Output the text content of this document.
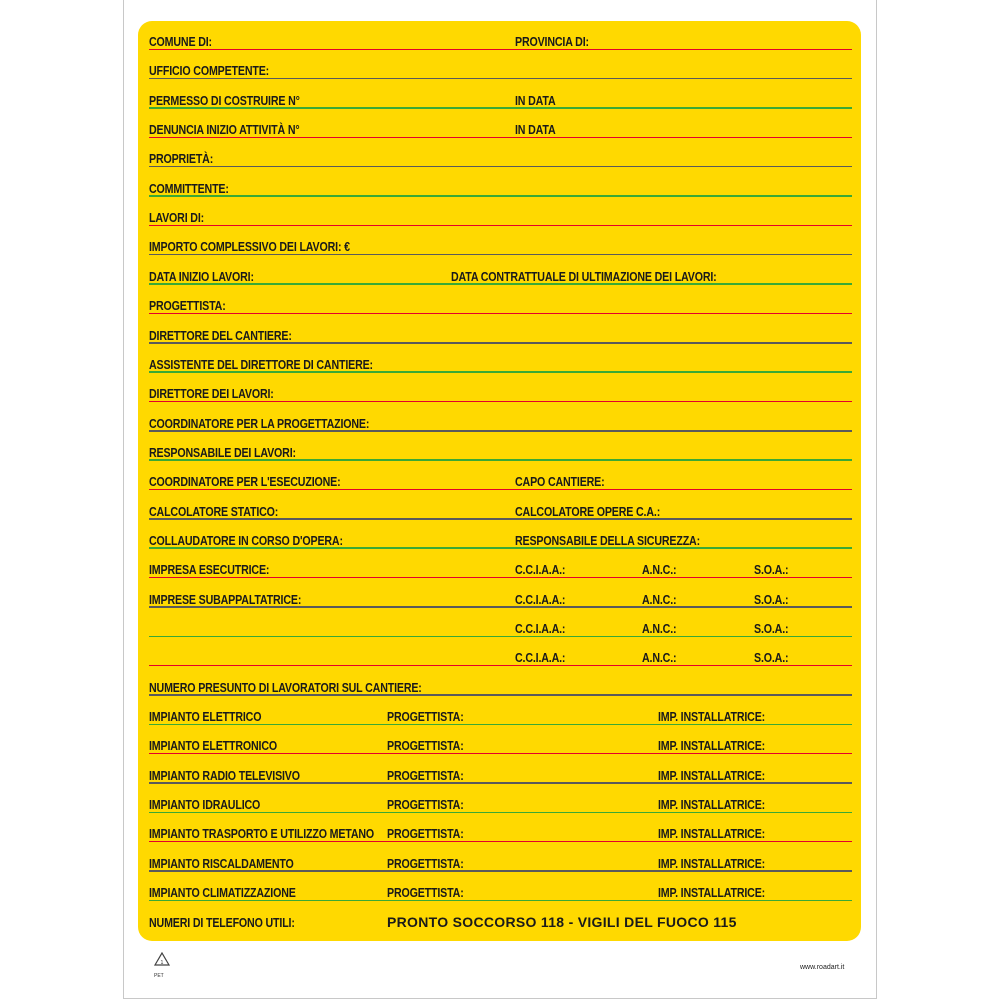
COMUNE DI:	PROVINCIA DI:
UFFICIO COMPETENTE:
PERMESSO DI COSTRUIRE N°	IN DATA
DENUNCIA INIZIO ATTIVITÀ N°	IN DATA
PROPRIETÀ:
COMMITTENTE:
LAVORI DI:
IMPORTO COMPLESSIVO DEI LAVORI: €
DATA INIZIO LAVORI:	DATA CONTRATTUALE DI ULTIMAZIONE DEI LAVORI:
PROGETTISTA:
DIRETTORE DEL CANTIERE:
ASSISTENTE DEL DIRETTORE DI CANTIERE:
DIRETTORE DEI LAVORI:
COORDINATORE PER LA PROGETTAZIONE:
RESPONSABILE DEI LAVORI:
COORDINATORE PER L'ESECUZIONE:	CAPO CANTIERE:
CALCOLATORE STATICO:	CALCOLATORE OPERE C.A.:
COLLAUDATORE IN CORSO D'OPERA:	RESPONSABILE DELLA SICUREZZA:
IMPRESA ESECUTRICE:	C.C.I.A.A.:	A.N.C.:	S.O.A.:
IMPRESE SUBAPPALTATRICE:	C.C.I.A.A.:	A.N.C.:	S.O.A.:
C.C.I.A.A.:	A.N.C.:	S.O.A.:
C.C.I.A.A.:	A.N.C.:	S.O.A.:
NUMERO PRESUNTO DI LAVORATORI SUL CANTIERE:
IMPIANTO ELETTRICO	PROGETTISTA:	IMP. INSTALLATRICE:
IMPIANTO ELETTRONICO	PROGETTISTA:	IMP. INSTALLATRICE:
IMPIANTO RADIO TELEVISIVO	PROGETTISTA:	IMP. INSTALLATRICE:
IMPIANTO IDRAULICO	PROGETTISTA:	IMP. INSTALLATRICE:
IMPIANTO TRASPORTO E UTILIZZO METANO PROGETTISTA:	IMP. INSTALLATRICE:
IMPIANTO RISCALDAMENTO	PROGETTISTA:	IMP. INSTALLATRICE:
IMPIANTO CLIMATIZZAZIONE	PROGETTISTA:	IMP. INSTALLATRICE:
NUMERI DI TELEFONO UTILI:	PRONTO SOCCORSO 118 - VIGILI DEL FUOCO 115
1
PET
www.roadart.it
